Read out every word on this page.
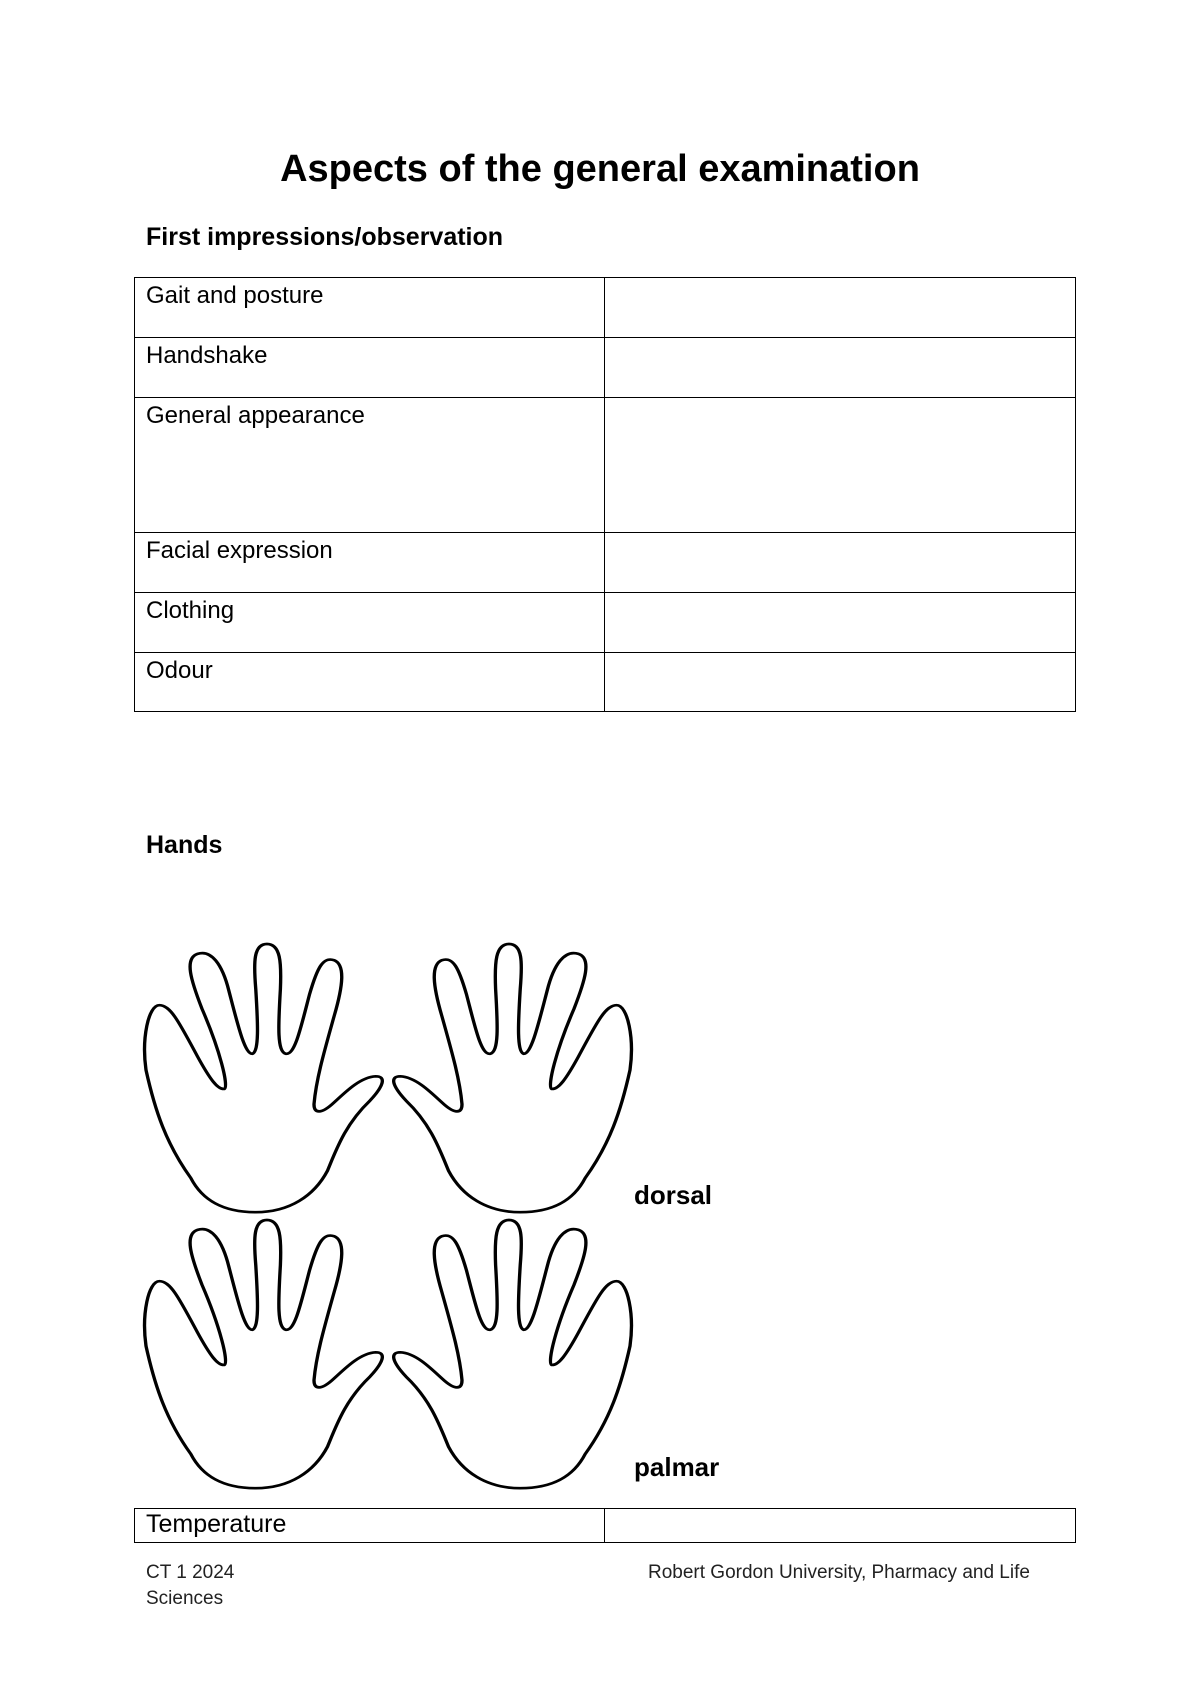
Aspects of the general examination
First impressions/observation
Gait and posture	
Handshake	
General appearance	
Facial expression	
Clothing	
Odour	
Hands
dorsal
palmar
Temperature	
CT 1 2024
Sciences
Robert Gordon University, Pharmacy and Life
